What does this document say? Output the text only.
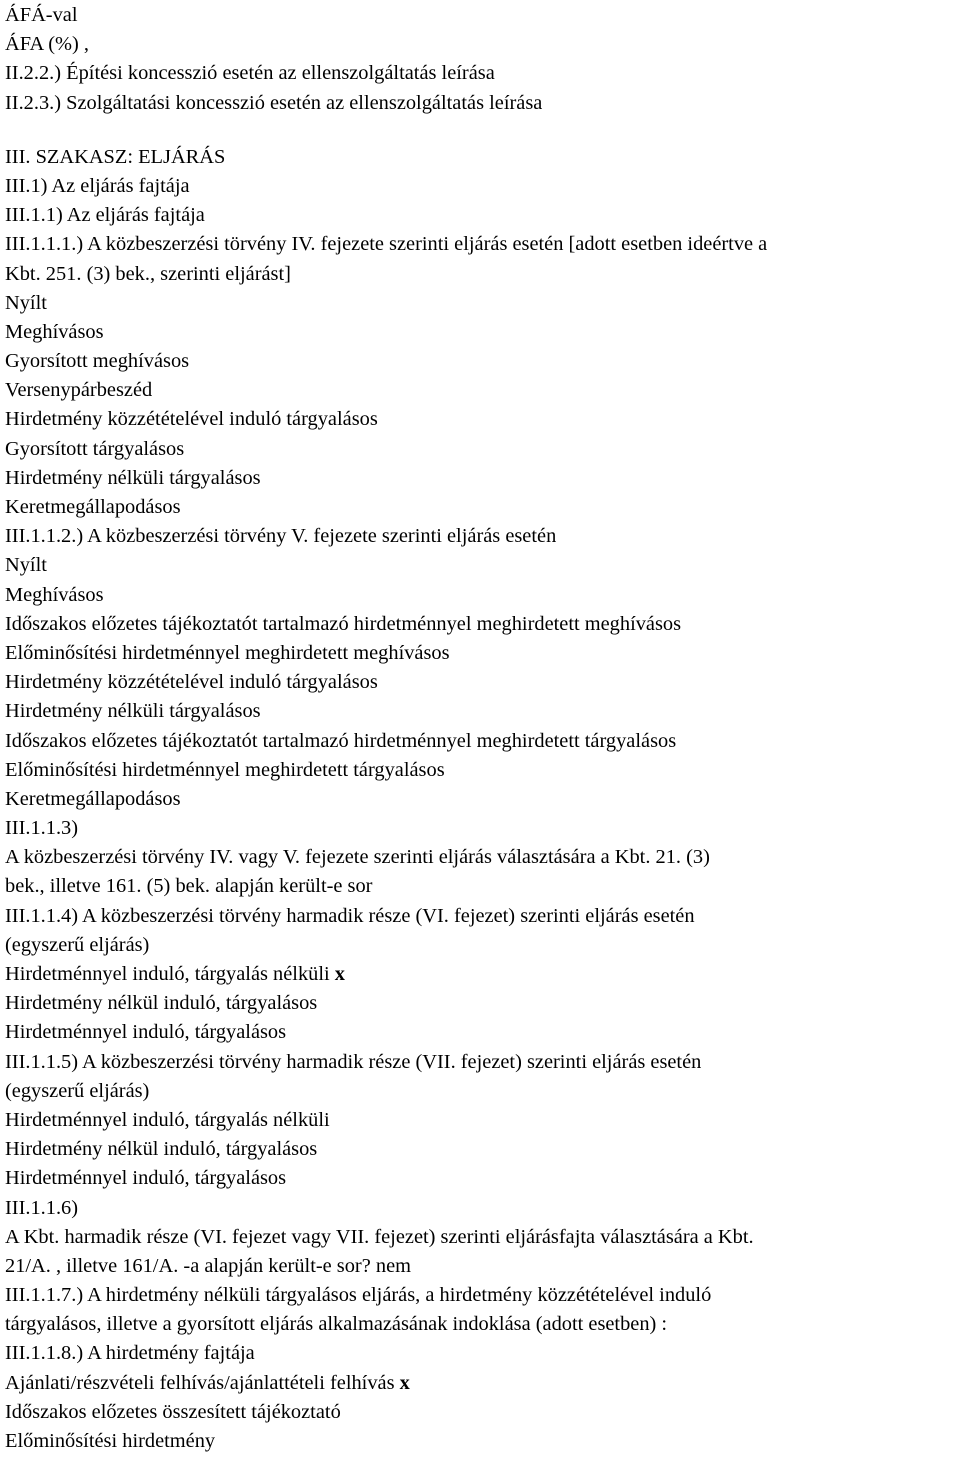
ÁFÁ-val
ÁFA (%) ,
II.2.2.) Építési koncesszió esetén az ellenszolgáltatás leírása
II.2.3.) Szolgáltatási koncesszió esetén az ellenszolgáltatás leírása
III. SZAKASZ: ELJÁRÁS
III.1) Az eljárás fajtája
III.1.1) Az eljárás fajtája
III.1.1.1.) A közbeszerzési törvény IV. fejezete szerinti eljárás esetén [adott esetben ideértve a
Kbt. 251. (3) bek., szerinti eljárást]
Nyílt
Meghívásos
Gyorsított meghívásos
Versenypárbeszéd
Hirdetmény közzétételével induló tárgyalásos
Gyorsított tárgyalásos
Hirdetmény nélküli tárgyalásos
Keretmegállapodásos
III.1.1.2.) A közbeszerzési törvény V. fejezete szerinti eljárás esetén
Nyílt
Meghívásos
Időszakos előzetes tájékoztatót tartalmazó hirdetménnyel meghirdetett meghívásos
Előminősítési hirdetménnyel meghirdetett meghívásos
Hirdetmény közzétételével induló tárgyalásos
Hirdetmény nélküli tárgyalásos
Időszakos előzetes tájékoztatót tartalmazó hirdetménnyel meghirdetett tárgyalásos
Előminősítési hirdetménnyel meghirdetett tárgyalásos
Keretmegállapodásos
III.1.1.3)
A közbeszerzési törvény IV. vagy V. fejezete szerinti eljárás választására a Kbt. 21. (3)
bek., illetve 161. (5) bek. alapján került-e sor
III.1.1.4) A közbeszerzési törvény harmadik része (VI. fejezet) szerinti eljárás esetén
(egyszerű eljárás)
Hirdetménnyel induló, tárgyalás nélküli x
Hirdetmény nélkül induló, tárgyalásos
Hirdetménnyel induló, tárgyalásos
III.1.1.5) A közbeszerzési törvény harmadik része (VII. fejezet) szerinti eljárás esetén
(egyszerű eljárás)
Hirdetménnyel induló, tárgyalás nélküli
Hirdetmény nélkül induló, tárgyalásos
Hirdetménnyel induló, tárgyalásos
III.1.1.6)
A Kbt. harmadik része (VI. fejezet vagy VII. fejezet) szerinti eljárásfajta választására a Kbt.
21/A. , illetve 161/A. -a alapján került-e sor? nem
III.1.1.7.) A hirdetmény nélküli tárgyalásos eljárás, a hirdetmény közzétételével induló
tárgyalásos, illetve a gyorsított eljárás alkalmazásának indoklása (adott esetben) :
III.1.1.8.) A hirdetmény fajtája
Ajánlati/részvételi felhívás/ajánlattételi felhívás x
Időszakos előzetes összesített tájékoztató
Előminősítési hirdetmény
